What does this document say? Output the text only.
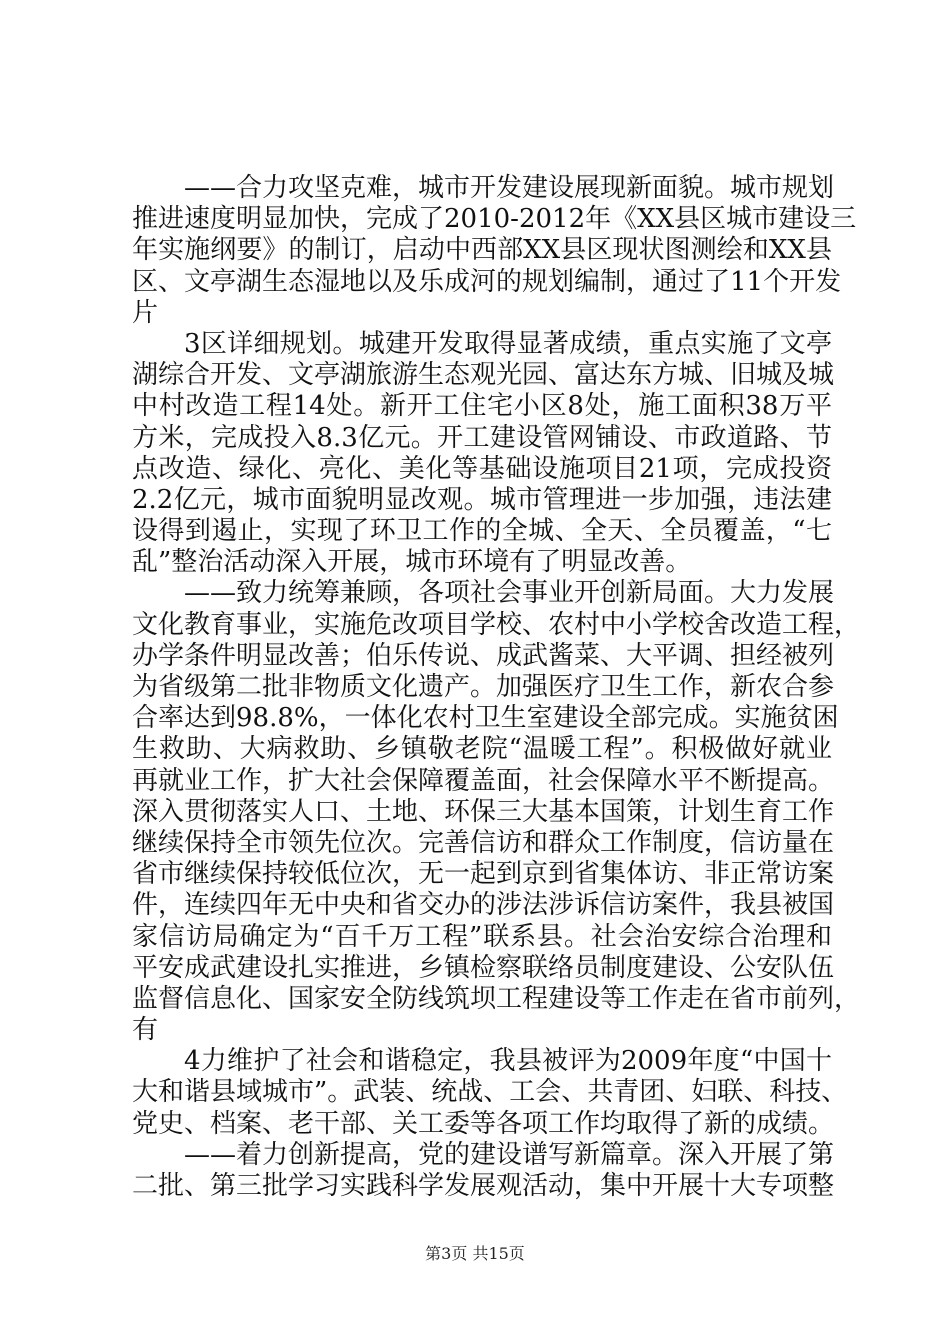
——合力攻坚克难，城市开发建设展现新面貌。城市规划
推进速度明显加快，完成了2010-2012年《XX县区城市建设三
年实施纲要》的制订，启动中西部XX县区现状图测绘和XX县
区、文亭湖生态湿地以及乐成河的规划编制，通过了11个开发
片
3区详细规划。城建开发取得显著成绩，重点实施了文亭
湖综合开发、文亭湖旅游生态观光园、富达东方城、旧城及城
中村改造工程14处。新开工住宅小区8处，施工面积38万平
方米，完成投入8.3亿元。开工建设管网铺设、市政道路、节
点改造、绿化、亮化、美化等基础设施项目21项，完成投资
2.2亿元，城市面貌明显改观。城市管理进一步加强，违法建
设得到遏止，实现了环卫工作的全城、全天、全员覆盖，“七
乱”整治活动深入开展，城市环境有了明显改善。
——致力统筹兼顾，各项社会事业开创新局面。大力发展
文化教育事业，实施危改项目学校、农村中小学校舍改造工程，
办学条件明显改善；伯乐传说、成武酱菜、大平调、担经被列
为省级第二批非物质文化遗产。加强医疗卫生工作，新农合参
合率达到98.8%，一体化农村卫生室建设全部完成。实施贫困
生救助、大病救助、乡镇敬老院“温暖工程”。积极做好就业
再就业工作，扩大社会保障覆盖面，社会保障水平不断提高。
深入贯彻落实人口、土地、环保三大基本国策，计划生育工作
继续保持全市领先位次。完善信访和群众工作制度，信访量在
省市继续保持较低位次，无一起到京到省集体访、非正常访案
件，连续四年无中央和省交办的涉法涉诉信访案件，我县被国
家信访局确定为“百千万工程”联系县。社会治安综合治理和
平安成武建设扎实推进，乡镇检察联络员制度建设、公安队伍
监督信息化、国家安全防线筑坝工程建设等工作走在省市前列，
有
4力维护了社会和谐稳定，我县被评为2009年度“中国十
大和谐县域城市”。武装、统战、工会、共青团、妇联、科技、
党史、档案、老干部、关工委等各项工作均取得了新的成绩。
——着力创新提高，党的建设谱写新篇章。深入开展了第
二批、第三批学习实践科学发展观活动，集中开展十大专项整
第3页 共15页
